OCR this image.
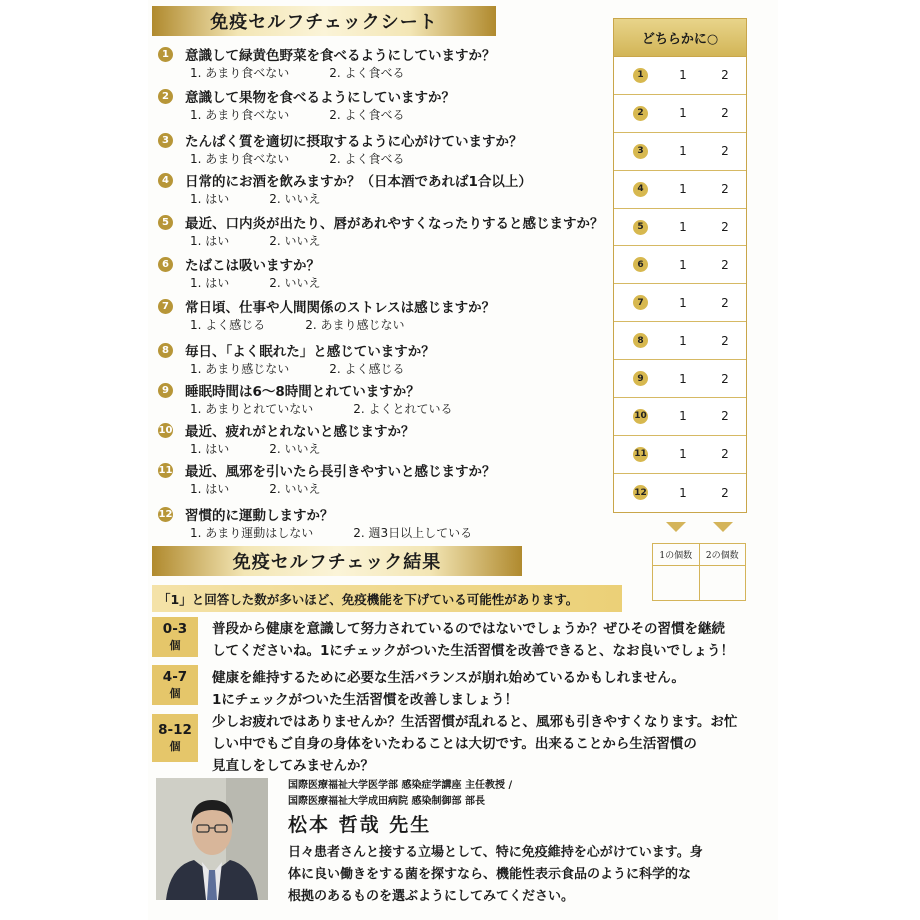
免疫セルフチェックシート
1 意識して緑黄色野菜を食べるようにしていますか？
1. あまり食べない	2. よく食べる
2 意識して果物を食べるようにしていますか？
1. あまり食べない	2. よく食べる
3 たんぱく質を適切に摂取するように心がけていますか？
1. あまり食べない	2. よく食べる
4 日常的にお酒を飲みますか？（日本酒であれば1合以上）
1. はい	2. いいえ
5 最近、口内炎が出たり、唇があれやすくなったりすると感じますか？
1. はい	2. いいえ
6 たばこは吸いますか？
1. はい	2. いいえ
7 常日頃、仕事や人間関係のストレスは感じますか？
1. よく感じる	2. あまり感じない
8 毎日、「よく眠れた」と感じていますか？
1. あまり感じない	2. よく感じる
9 睡眠時間は6～8時間とれていますか？
1. あまりとれていない	2. よくとれている
10 最近、疲れがとれないと感じますか？
1. はい	2. いいえ
11 最近、風邪を引いたら長引きやすいと感じますか？
1. はい	2. いいえ
12 習慣的に運動しますか？
1. あまり運動はしない	2. 週3日以上している
どちらかに○
1	1	2
2	1	2
3	1	2
4	1	2
5	1	2
6	1	2
7	1	2
8	1	2
9	1	2
10	1	2
11	1	2
12	1	2
1の個数	2の個数
免疫セルフチェック結果
「1」と回答した数が多いほど、免疫機能を下げている可能性があります。
0-3
個
普段から健康を意識して努力されているのではないでしょうか？ぜひその習慣を継続
してくださいね。1にチェックがついた生活習慣を改善できると、なお良いでしょう！
4-7
個
健康を維持するために必要な生活バランスが崩れ始めているかもしれません。
1にチェックがついた生活習慣を改善しましょう！
8-12
個
少しお疲れではありませんか？生活習慣が乱れると、風邪も引きやすくなります。お忙
しい中でもご自身の身体をいたわることは大切です。出来ることから生活習慣の
見直しをしてみませんか？
国際医療福祉大学医学部 感染症学講座 主任教授 /
国際医療福祉大学成田病院 感染制御部 部長
松本 哲哉 先生
日々患者さんと接する立場として、特に免疫維持を心がけています。身
体に良い働きをする菌を探すなら、機能性表示食品のように科学的な
根拠のあるものを選ぶようにしてみてください。
